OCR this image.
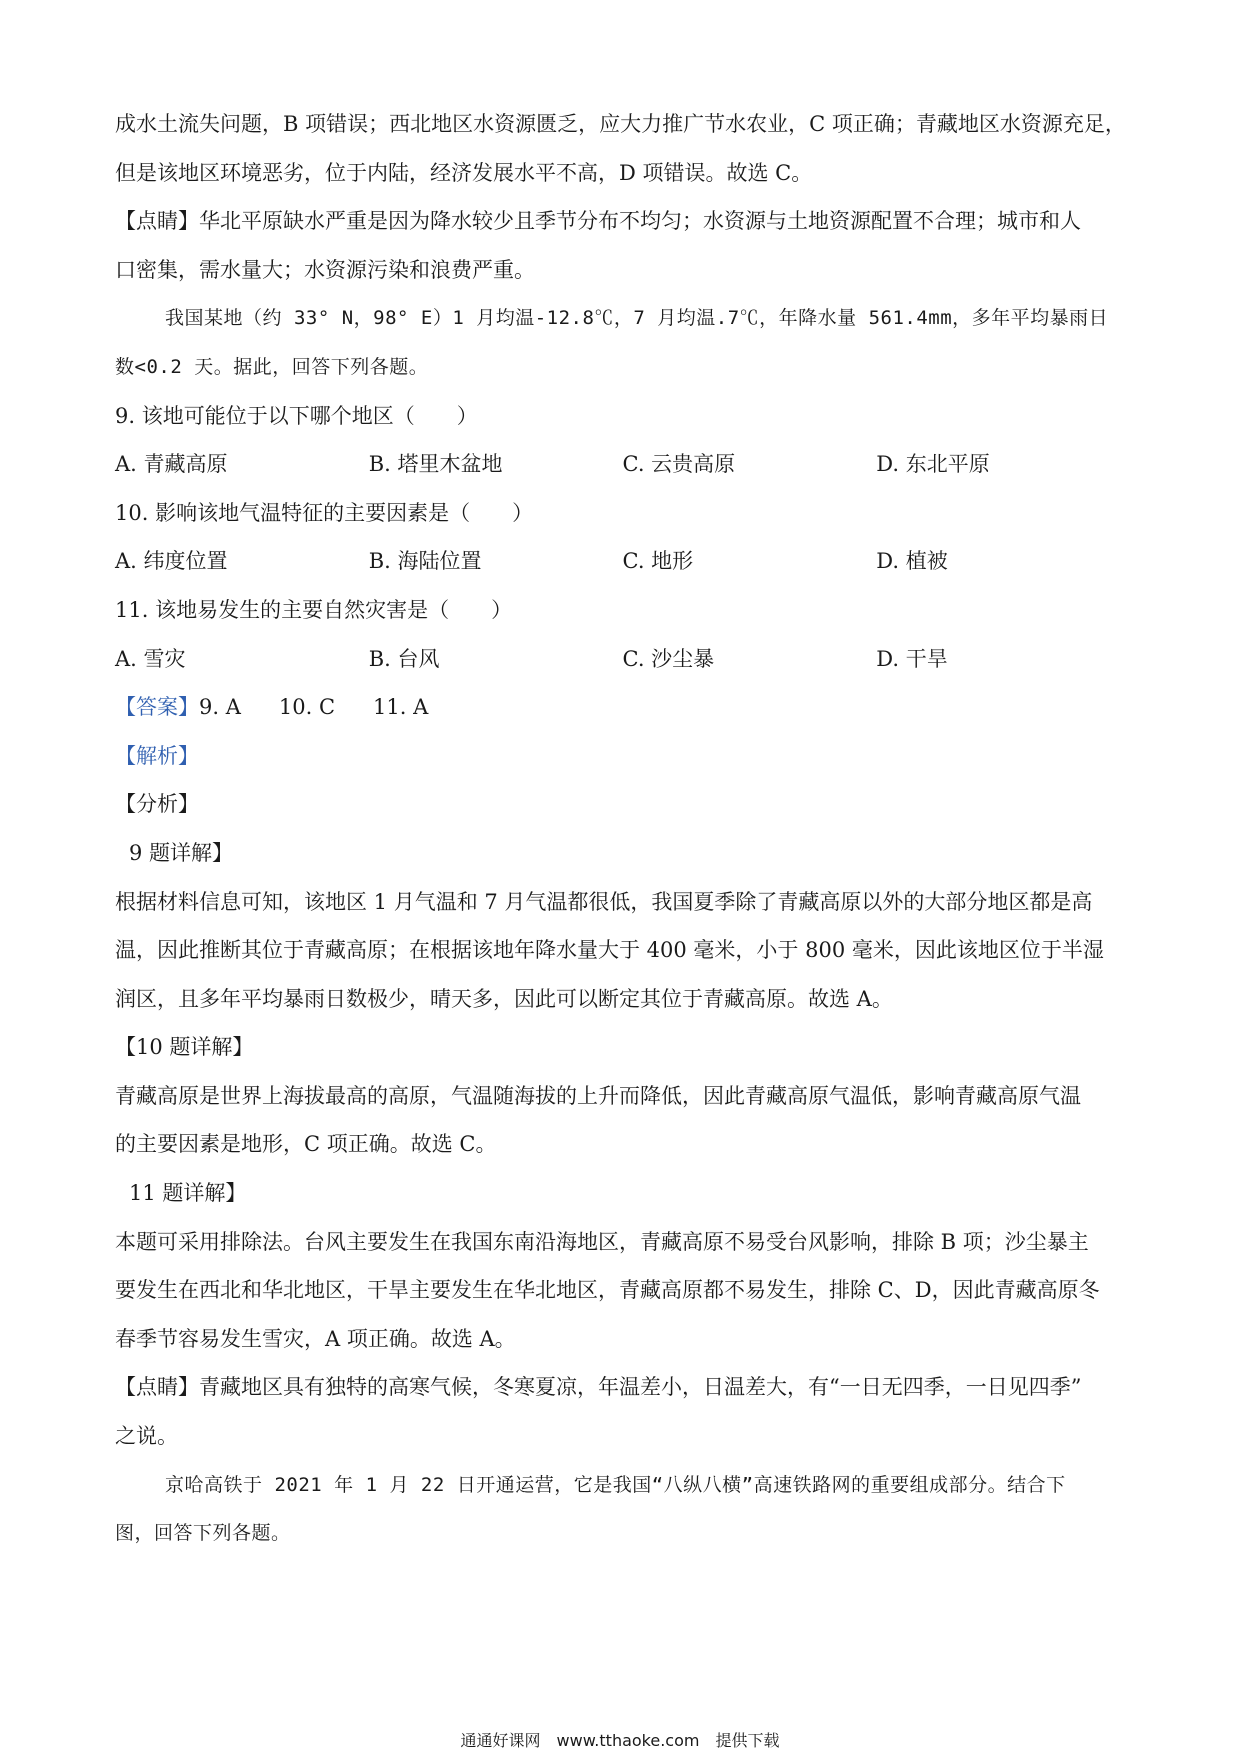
成水土流失问题，B 项错误；西北地区水资源匮乏，应大力推广节水农业，C 项正确；青藏地区水资源充足，

但是该地区环境恶劣，位于内陆，经济发展水平不高，D 项错误。故选 C。

【点睛】华北平原缺水严重是因为降水较少且季节分布不均匀；水资源与土地资源配置不合理；城市和人

口密集，需水量大；水资源污染和浪费严重。

我国某地（约 33° N，98° E）1 月均温-12.8℃，7 月均温.7℃，年降水量 561.4mm，多年平均暴雨日

数<0.2 天。据此，回答下列各题。

9. 该地可能位于以下哪个地区（　　）

A. 青藏高原	B. 塔里木盆地	C. 云贵高原	D. 东北平原

10. 影响该地气温特征的主要因素是（　　）

A. 纬度位置	B. 海陆位置	C. 地形	D. 植被

11. 该地易发生的主要自然灾害是（　　）

A. 雪灾	B. 台风	C. 沙尘暴	D. 干旱

【答案】9. A 10. C 11. A

【解析】

【分析】

9 题详解】

根据材料信息可知，该地区 1 月气温和 7 月气温都很低，我国夏季除了青藏高原以外的大部分地区都是高

温，因此推断其位于青藏高原；在根据该地年降水量大于 400 毫米，小于 800 毫米，因此该地区位于半湿

润区，且多年平均暴雨日数极少，晴天多，因此可以断定其位于青藏高原。故选 A。

【10 题详解】

青藏高原是世界上海拔最高的高原，气温随海拔的上升而降低，因此青藏高原气温低，影响青藏高原气温

的主要因素是地形，C 项正确。故选 C。

11 题详解】

本题可采用排除法。台风主要发生在我国东南沿海地区，青藏高原不易受台风影响，排除 B 项；沙尘暴主

要发生在西北和华北地区，干旱主要发生在华北地区，青藏高原都不易发生，排除 C、D，因此青藏高原冬

春季节容易发生雪灾，A 项正确。故选 A。

【点睛】青藏地区具有独特的高寒气候，冬寒夏凉，年温差小，日温差大，有“一日无四季，一日见四季”

之说。

京哈高铁于 2021 年 1 月 22 日开通运营，它是我国“八纵八横”高速铁路网的重要组成部分。结合下

图，回答下列各题。

通通好课网　www.tthaoke.com　提供下载
